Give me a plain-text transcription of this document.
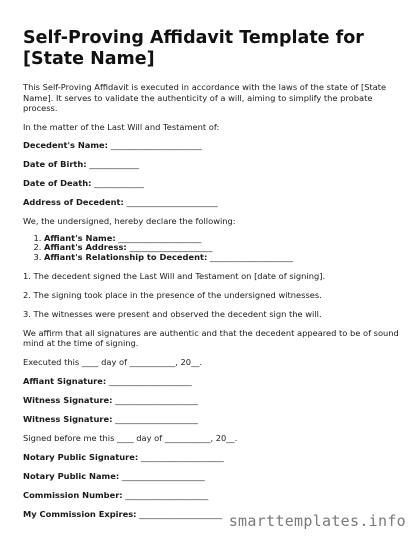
Self-Proving Affidavit Template for [State Name]

This Self-Proving Affidavit is executed in accordance with the laws of the state of [State Name]. It serves to validate the authenticity of a will, aiming to simplify the probate process.

In the matter of the Last Will and Testament of:

Decedent's Name: ______________________

Date of Birth: ____________

Date of Death: ____________

Address of Decedent: ______________________

We, the undersigned, hereby declare the following:

1. Affiant's Name: ____________________
2. Affiant's Address: ____________________
3. Affiant's Relationship to Decedent: ____________________

1. The decedent signed the Last Will and Testament on [date of signing].

2. The signing took place in the presence of the undersigned witnesses.

3. The witnesses were present and observed the decedent sign the will.

We affirm that all signatures are authentic and that the decedent appeared to be of sound mind at the time of signing.

Executed this ____ day of ___________, 20__.

Affiant Signature: ____________________

Witness Signature: ____________________

Witness Signature: ____________________

Signed before me this ____ day of ___________, 20__.

Notary Public Signature: ____________________

Notary Public Name: ____________________

Commission Number: ____________________

My Commission Expires: ____________________ smarttemplates.info
